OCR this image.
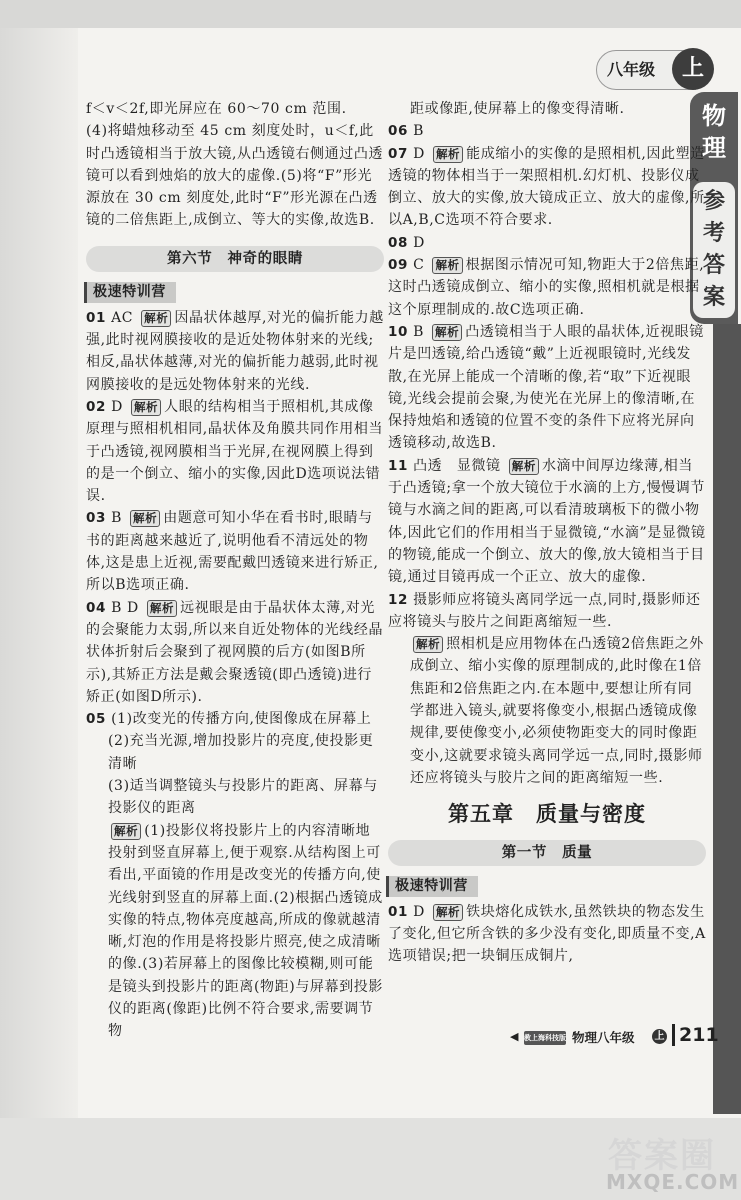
八年级	上
物
理
参
考
答
案

f＜v＜2f,即光屏应在 60～70 cm 范围.

(4)将蜡烛移动至 45 cm 刻度处时，u＜f,此时凸透镜相当于放大镜,从凸透镜右侧通过凸透镜可以看到烛焰的放大的虚像.(5)将“F”形光源放在 30 cm 刻度处,此时“F”形光源在凸透镜的二倍焦距上,成倒立、等大的实像,故选B.

第六节　神奇的眼睛
极速特训营

01 AC 解析 因晶状体越厚,对光的偏折能力越强,此时视网膜接收的是近处物体射来的光线;相反,晶状体越薄,对光的偏折能力越弱,此时视网膜接收的是远处物体射来的光线.

02 D 解析 人眼的结构相当于照相机,其成像原理与照相机相同,晶状体及角膜共同作用相当于凸透镜,视网膜相当于光屏,在视网膜上得到的是一个倒立、缩小的实像,因此D选项说法错误.

03 B 解析 由题意可知小华在看书时,眼睛与书的距离越来越近了,说明他看不清远处的物体,这是患上近视,需要配戴凹透镜来进行矫正,所以B选项正确.

04 B D 解析 远视眼是由于晶状体太薄,对光的会聚能力太弱,所以来自近处物体的光线经晶状体折射后会聚到了视网膜的后方(如图B所示),其矫正方法是戴会聚透镜(即凸透镜)进行矫正(如图D所示).

05 (1)改变光的传播方向,使图像成在屏幕上

(2)充当光源,增加投影片的亮度,使投影更清晰

(3)适当调整镜头与投影片的距离、屏幕与投影仪的距离

解析 (1)投影仪将投影片上的内容清晰地投射到竖直屏幕上,便于观察.从结构图上可看出,平面镜的作用是改变光的传播方向,使光线射到竖直的屏幕上面.(2)根据凸透镜成实像的特点,物体亮度越高,所成的像就越清晰,灯泡的作用是将投影片照亮,使之成清晰的像.(3)若屏幕上的图像比较模糊,则可能是镜头到投影片的距离(物距)与屏幕到投影仪的距离(像距)比例不符合要求,需要调节物

距或像距,使屏幕上的像变得清晰.

06 B

07 D 解析 能成缩小的实像的是照相机,因此塑造透镜的物体相当于一架照相机.幻灯机、投影仪成倒立、放大的实像,放大镜成正立、放大的虚像,所以A,B,C选项不符合要求.

08 D

09 C 解析 根据图示情况可知,物距大于2倍焦距,这时凸透镜成倒立、缩小的实像,照相机就是根据这个原理制成的.故C选项正确.

10 B 解析 凸透镜相当于人眼的晶状体,近视眼镜片是凹透镜,给凸透镜“戴”上近视眼镜时,光线发散,在光屏上能成一个清晰的像,若“取”下近视眼镜,光线会提前会聚,为使光在光屏上的像清晰,在保持烛焰和透镜的位置不变的条件下应将光屏向透镜移动,故选B.

11 凸透　显微镜 解析 水滴中间厚边缘薄,相当于凸透镜;拿一个放大镜位于水滴的上方,慢慢调节镜与水滴之间的距离,可以看清玻璃板下的微小物体,因此它们的作用相当于显微镜,“水滴”是显微镜的物镜,能成一个倒立、放大的像,放大镜相当于目镜,通过目镜再成一个正立、放大的虚像.

12 摄影师应将镜头离同学远一点,同时,摄影师还应将镜头与胶片之间距离缩短一些.

解析 照相机是应用物体在凸透镜2倍焦距之外成倒立、缩小实像的原理制成的,此时像在1倍焦距和2倍焦距之内.在本题中,要想让所有同学都进入镜头,就要将像变小,根据凸透镜成像规律,要使像变小,必须使物距变大的同时像距变小,这就要求镜头离同学远一点,同时,摄影师还应将镜头与胶片之间的距离缩短一些.

第五章　质量与密度
第一节　质量
极速特训营

01 D 解析 铁块熔化成铁水,虽然铁块的物态发生了变化,但它所含铁的多少没有变化,即质量不变,A选项错误;把一块铜压成铜片,

◀ 教上海科技版 物理八年级 上 211
答案圈
MXQE.COM
